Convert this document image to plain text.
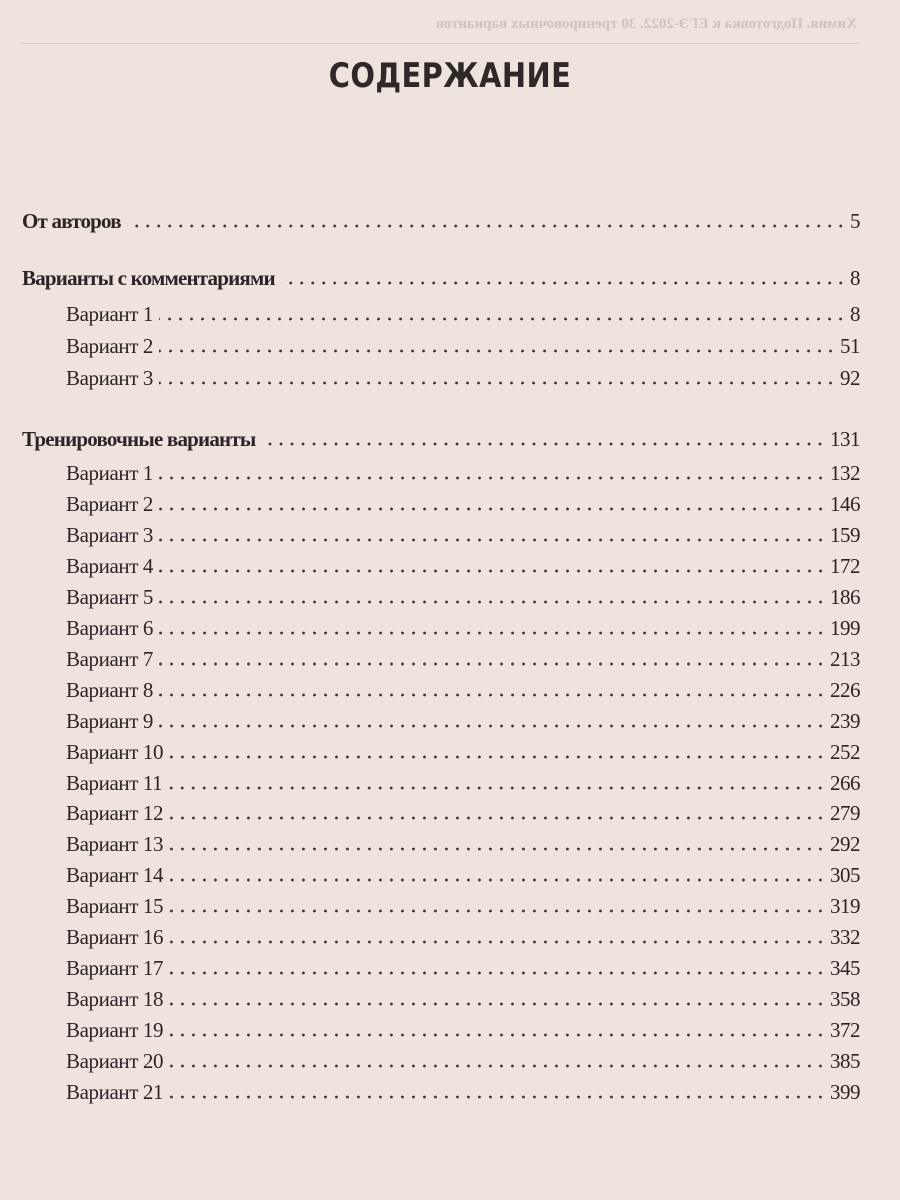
Химия. Подготовка к ЕГЭ-2022. 30 тренировочных вариантов
СОДЕРЖАНИЕ
От авторов	5
Варианты с комментариями	8
Вариант 1	8
Вариант 2	51
Вариант 3	92
Тренировочные варианты	131
Вариант 1	132
Вариант 2	146
Вариант 3	159
Вариант 4	172
Вариант 5	186
Вариант 6	199
Вариант 7	213
Вариант 8	226
Вариант 9	239
Вариант 10	252
Вариант 11	266
Вариант 12	279
Вариант 13	292
Вариант 14	305
Вариант 15	319
Вариант 16	332
Вариант 17	345
Вариант 18	358
Вариант 19	372
Вариант 20	385
Вариант 21	399
